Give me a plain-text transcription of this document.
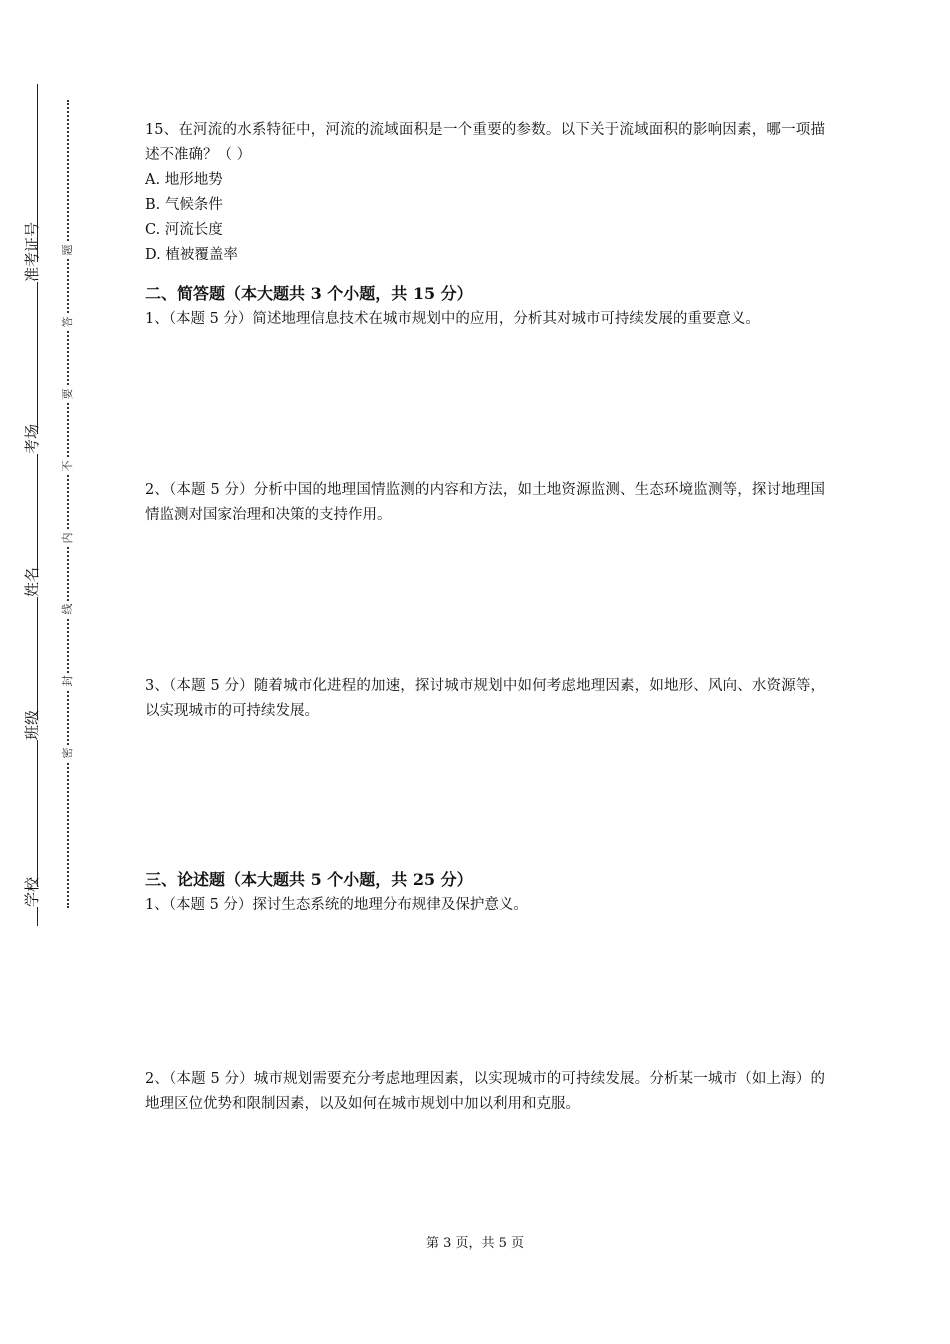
准考证号
考场
姓名
班级
学校
题
答
要
不
内
线
封
密

15、在河流的水系特征中，河流的流域面积是一个重要的参数。以下关于流域面积的影响因素，哪一项描述不准确？（ ）

A. 地形地势

B. 气候条件

C. 河流长度

D. 植被覆盖率

二、简答题（本大题共 3 个小题，共 15 分）

1、（本题 5 分）简述地理信息技术在城市规划中的应用，分析其对城市可持续发展的重要意义。

2、（本题 5 分）分析中国的地理国情监测的内容和方法，如土地资源监测、生态环境监测等，探讨地理国情监测对国家治理和决策的支持作用。

3、（本题 5 分）随着城市化进程的加速，探讨城市规划中如何考虑地理因素，如地形、风向、水资源等，以实现城市的可持续发展。

三、论述题（本大题共 5 个小题，共 25 分）

1、（本题 5 分）探讨生态系统的地理分布规律及保护意义。

2、（本题 5 分）城市规划需要充分考虑地理因素，以实现城市的可持续发展。分析某一城市（如上海）的地理区位优势和限制因素，以及如何在城市规划中加以利用和克服。

第 3 页，共 5 页
